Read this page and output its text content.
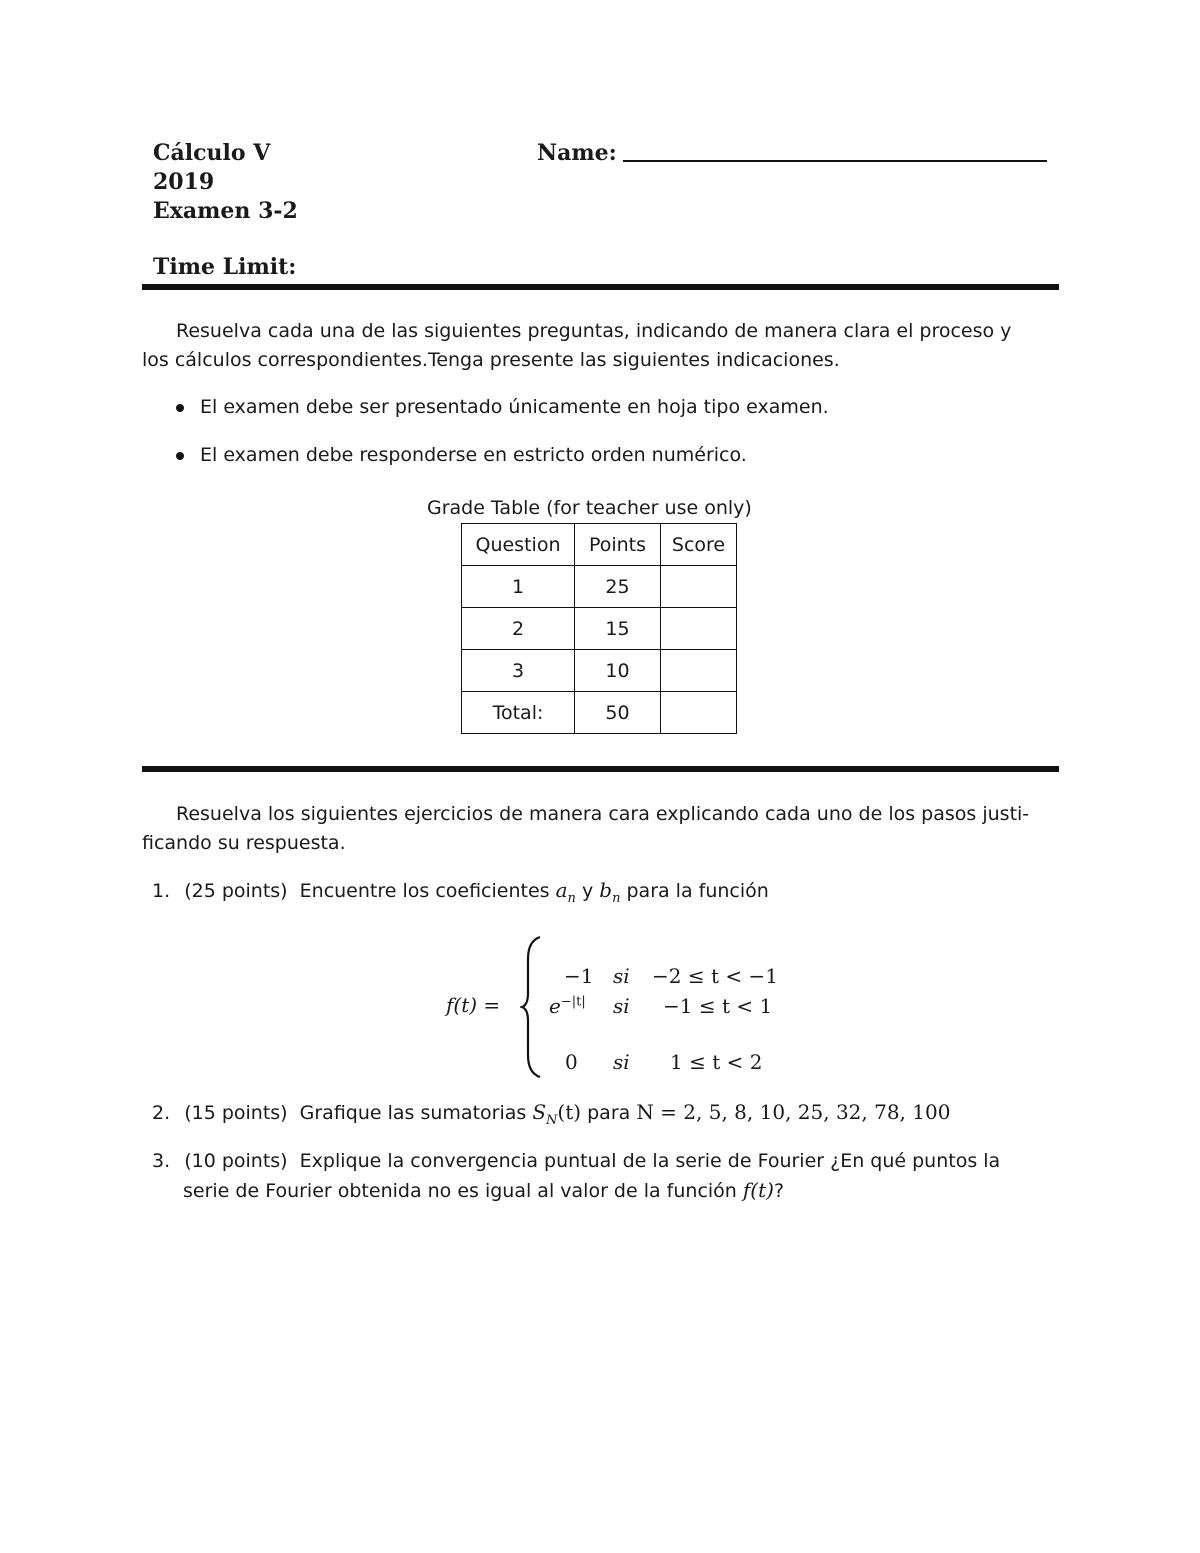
Cálculo V
2019
Examen 3-2
Time Limit:
Name:
Resuelva cada una de las siguientes preguntas, indicando de manera clara el proceso y
los cálculos correspondientes.Tenga presente las siguientes indicaciones.
El examen debe ser presentado únicamente en hoja tipo examen.
El examen debe responderse en estricto orden numérico.
Grade Table (for teacher use only)
Question	Points	Score
1	25	
2	15	
3	10	
Total:	50	
Resuelva los siguientes ejercicios de manera cara explicando cada uno de los pasos justi-
ficando su respuesta.
1. (25 points) Encuentre los coeficientes $a_n$ y $b_n$ para la función
f(t) =
−1 si −2 ≤ t < −1
$e^{-|t|}$ si −1 ≤ t < 1
0 si 1 ≤ t < 2
2. (15 points) Grafique las sumatorias $S_N(t)$ para N = 2, 5, 8, 10, 25, 32, 78, 100
3. (10 points) Explique la convergencia puntual de la serie de Fourier ¿En qué puntos la
serie de Fourier obtenida no es igual al valor de la función f(t)?
